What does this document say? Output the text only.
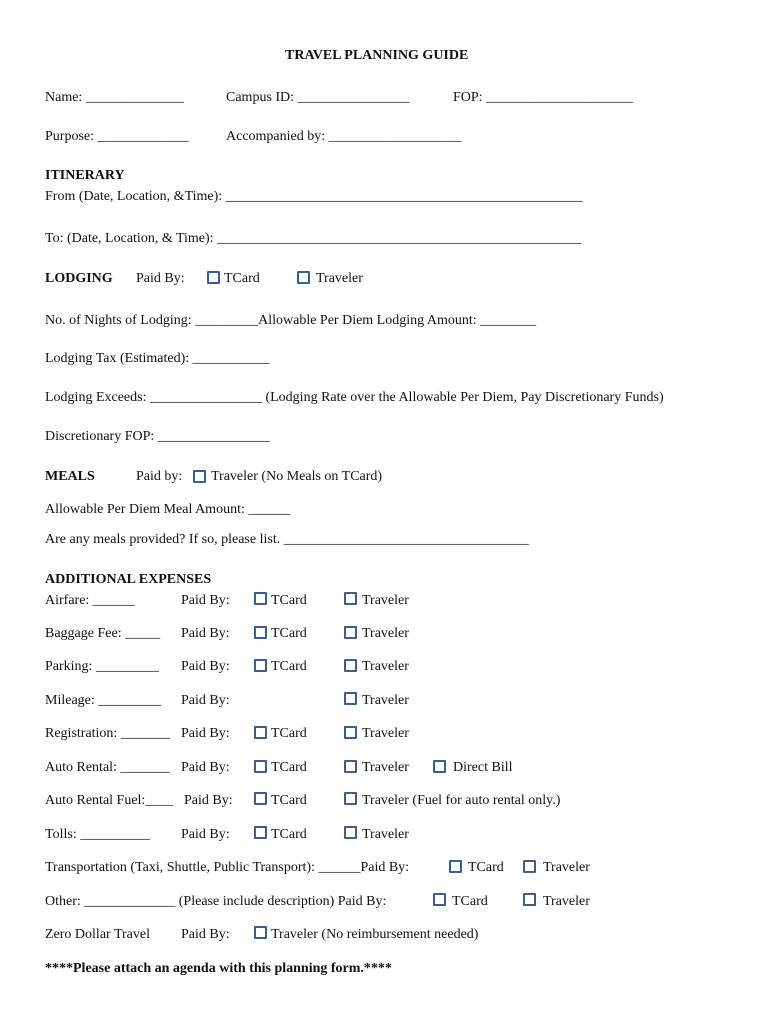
TRAVEL PLANNING GUIDE
Name: ______________	Campus ID: ________________	FOP: _____________________
Purpose: _____________	Accompanied by: ___________________
ITINERARY
From (Date, Location, &Time): ___________________________________________________
To: (Date, Location, & Time): ____________________________________________________
LODGING Paid By:	TCard	Traveler
No. of Nights of Lodging: _________Allowable Per Diem Lodging Amount: ________
Lodging Tax (Estimated): ___________
Lodging Exceeds: ________________ (Lodging Rate over the Allowable Per Diem, Pay Discretionary Funds)
Discretionary FOP: ________________
MEALS	Paid by: Traveler (No Meals on TCard)
Allowable Per Diem Meal Amount: ______
Are any meals provided? If so, please list. ___________________________________
ADDITIONAL EXPENSES
Airfare: ______	Paid By:	TCard	Traveler
Baggage Fee: _____ Paid By:	TCard	Traveler
Parking: _________ Paid By:	TCard	Traveler
Mileage: _________ Paid By:	Traveler
Registration: _______ Paid By:	TCard	Traveler
Auto Rental: _______ Paid By:	TCard	Traveler	Direct Bill
Auto Rental Fuel:____ Paid By:	TCard	Traveler (Fuel for auto rental only.)
Tolls: __________ Paid By:	TCard	Traveler
Transportation (Taxi, Shuttle, Public Transport): ______Paid By:	TCard	Traveler
Other: _____________ (Please include description) Paid By:	TCard	Traveler
Zero Dollar Travel Paid By:	Traveler (No reimbursement needed)
****Please attach an agenda with this planning form.****
